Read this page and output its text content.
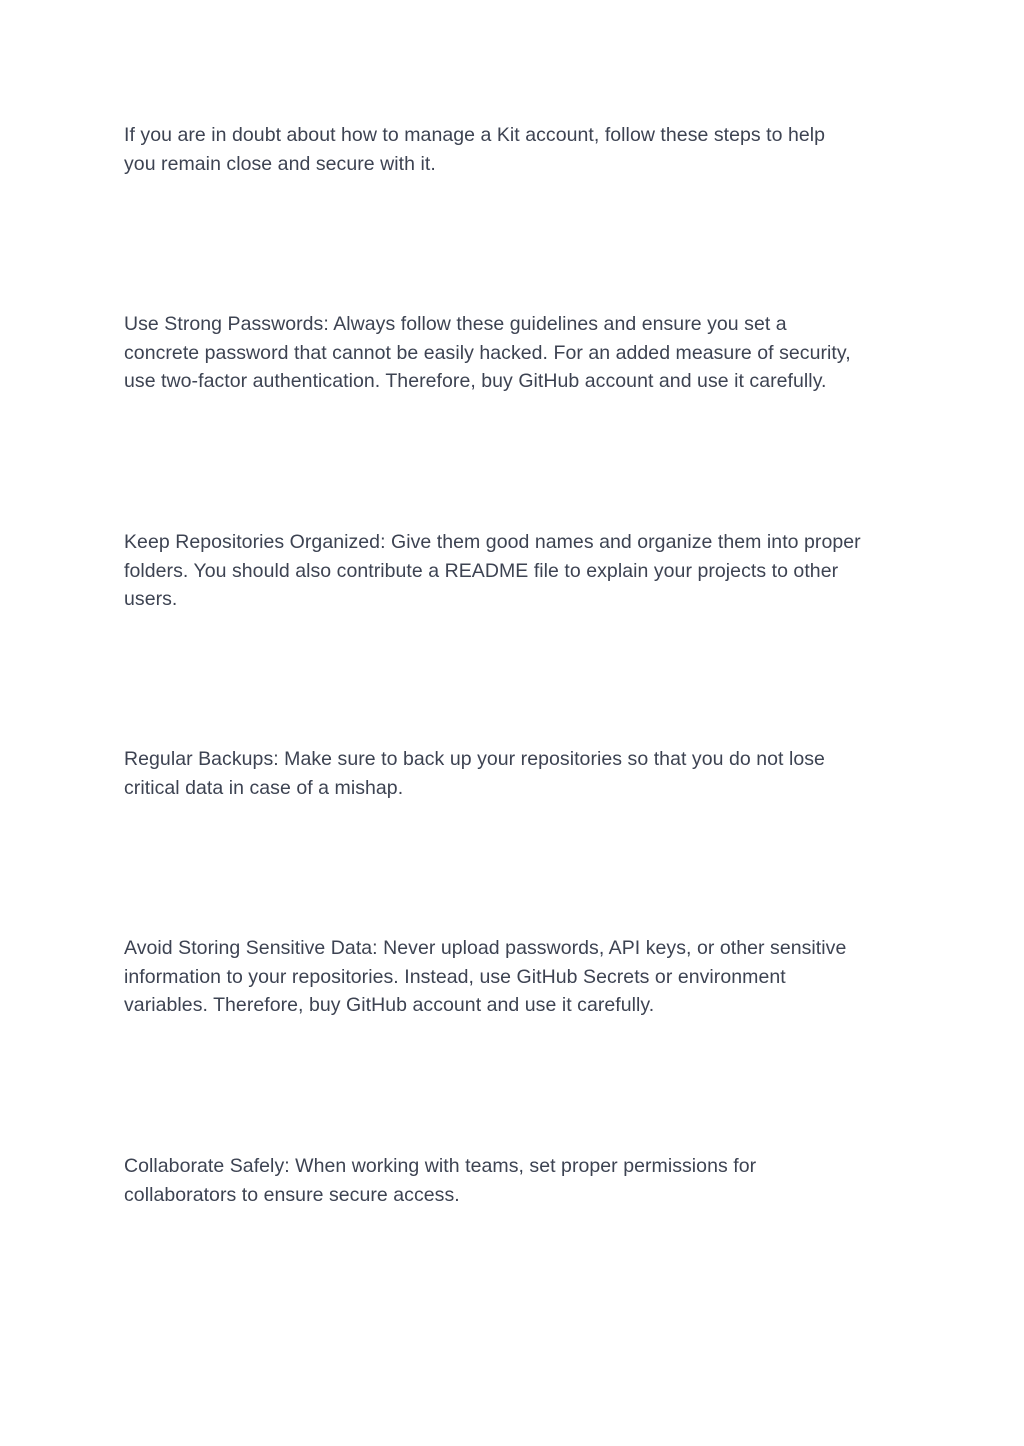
If you are in doubt about how to manage a Kit account, follow these steps to help
you remain close and secure with it.

Use Strong Passwords: Always follow these guidelines and ensure you set a
concrete password that cannot be easily hacked. For an added measure of security,
use two-factor authentication. Therefore, buy GitHub account and use it carefully.

Keep Repositories Organized: Give them good names and organize them into proper
folders. You should also contribute a README file to explain your projects to other
users.

Regular Backups: Make sure to back up your repositories so that you do not lose
critical data in case of a mishap.

Avoid Storing Sensitive Data: Never upload passwords, API keys, or other sensitive
information to your repositories. Instead, use GitHub Secrets or environment
variables. Therefore, buy GitHub account and use it carefully.

Collaborate Safely: When working with teams, set proper permissions for
collaborators to ensure secure access.
